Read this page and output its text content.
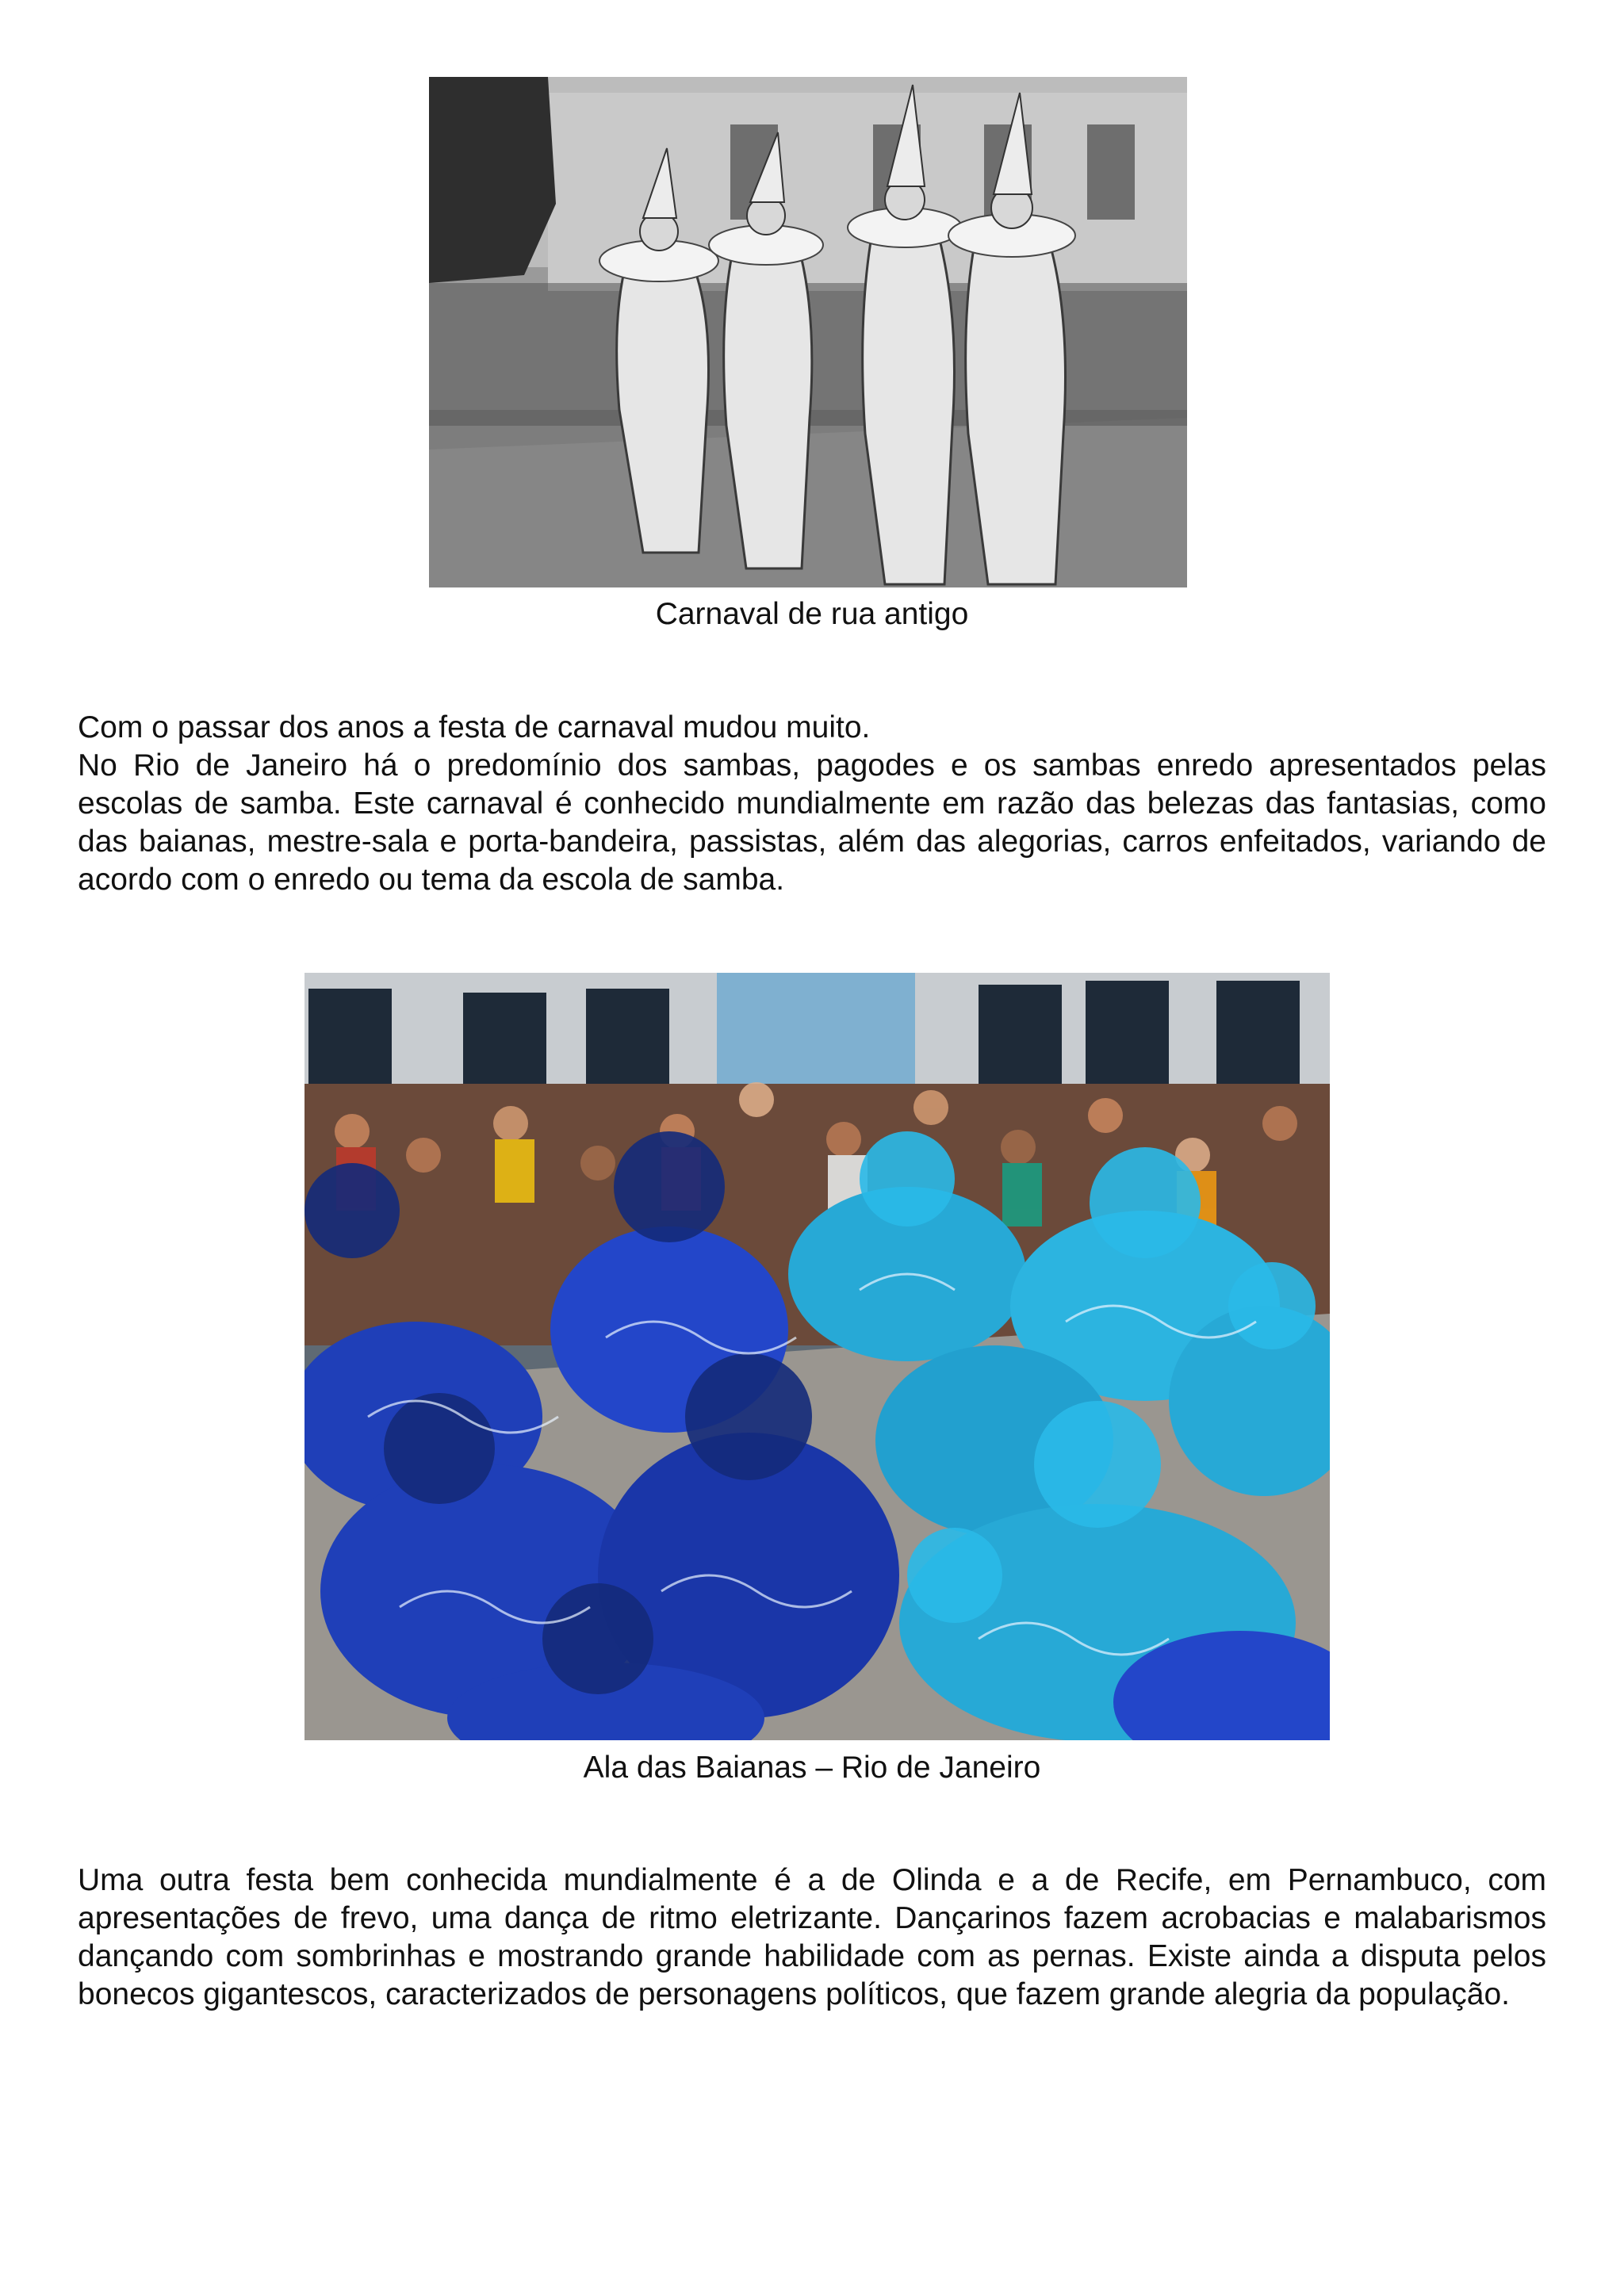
Carnaval de rua antigo

Com o passar dos anos a festa de carnaval mudou muito.
No Rio de Janeiro há o predomínio dos sambas, pagodes e os sambas enredo apresentados pelas escolas de samba. Este carnaval é conhecido mundialmente em razão das belezas das fantasias, como das baianas, mestre-sala e porta-bandeira, passistas, além das alegorias, carros enfeitados, variando de acordo com o enredo ou tema da escola de samba.

Ala das Baianas – Rio de Janeiro

Uma outra festa bem conhecida mundialmente é a de Olinda e a de Recife, em Pernambuco, com apresentações de frevo, uma dança de ritmo eletrizante. Dançarinos fazem acrobacias e malabarismos dançando com sombrinhas e mostrando grande habilidade com as pernas. Existe ainda a disputa pelos bonecos gigantescos, caracterizados de personagens políticos, que fazem grande alegria da população.
